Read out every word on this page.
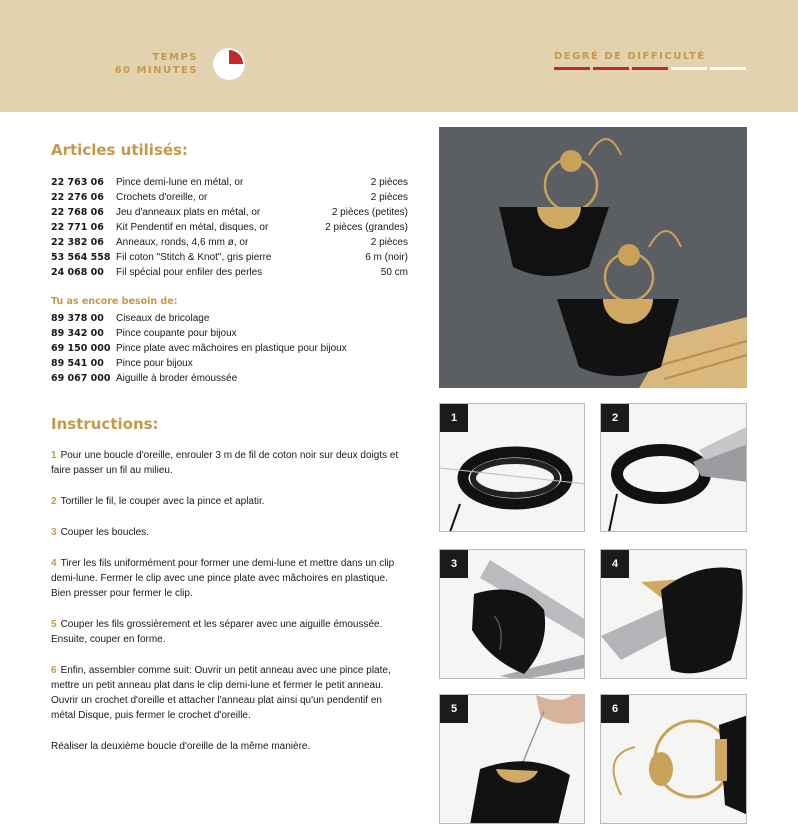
TEMPS
60 MINUTES
DEGRÉ DE DIFFICULTÉ
Articles utilisés:
22 763 06	Pince demi-lune en métal, or	2 pièces
22 276 06	Crochets d'oreille, or	2 pièces
22 768 06	Jeu d'anneaux plats en métal, or	2 pièces (petites)
22 771 06	Kit Pendentif en métal, disques, or	2 pièces (grandes)
22 382 06	Anneaux, ronds, 4,6 mm ø, or	2 pièces
53 564 558 Fil coton "Stitch & Knot", gris pierre	6 m (noir)
24 068 00	Fil spécial pour enfiler des perles	50 cm
Tu as encore besoin de:
89 378 00	Ciseaux de bricolage
89 342 00	Pince coupante pour bijoux
69 150 000 Pince plate avec mâchoires en plastique pour bijoux
89 541 00	Pince pour bijoux
69 067 000 Aiguille à broder émoussée
Instructions:

1 Pour une boucle d'oreille, enrouler 3 m de fil de coton noir sur deux doigts et faire passer un fil au milieu.

2 Tortiller le fil, le couper avec la pince et aplatir.

3 Couper les boucles.

4 Tirer les fils uniformément pour former une demi-lune et mettre dans un clip demi-lune. Fermer le clip avec une pince plate avec mâchoires en plastique. Bien presser pour fermer le clip.

5 Couper les fils grossièrement et les séparer avec une aiguille émoussée. Ensuite, couper en forme.

6 Enfin, assembler comme suit: Ouvrir un petit anneau avec une pince plate, mettre un petit anneau plat dans le clip demi-lune et fermer le petit anneau. Ouvrir un crochet d'oreille et attacher l'anneau plat ainsi qu'un pendentif en métal Disque, puis fermer le crochet d'oreille.

Réaliser la deuxième boucle d'oreille de la même manière.

1	2
3	4
5	6
